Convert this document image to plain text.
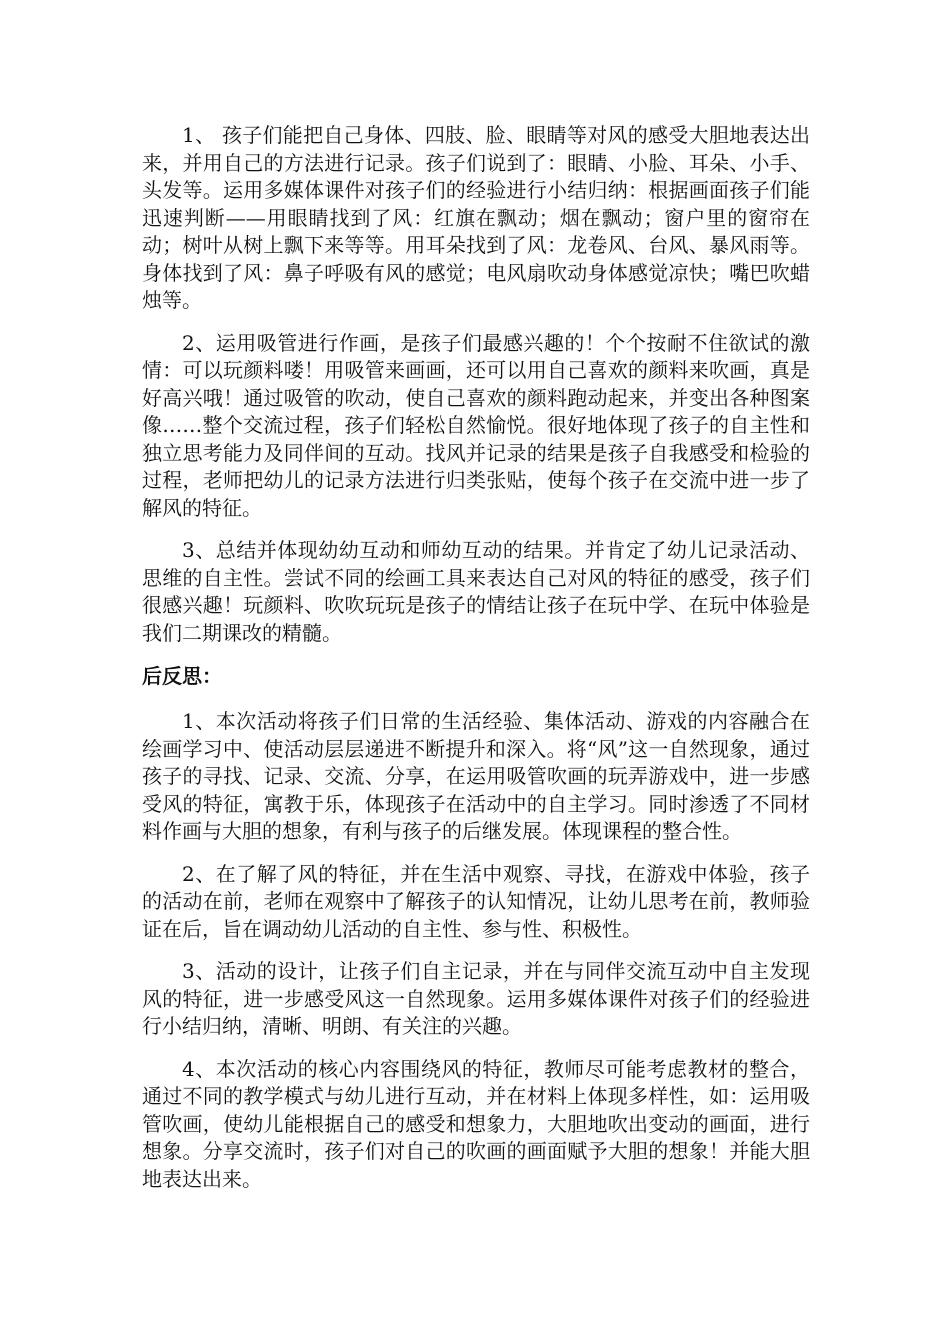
1、 孩子们能把自己身体、四肢、脸、眼睛等对风的感受大胆地表达出来，并用自己的方法进行记录。孩子们说到了：眼睛、小脸、耳朵、小手、头发等。运用多媒体课件对孩子们的经验进行小结归纳：根据画面孩子们能迅速判断——用眼睛找到了风：红旗在飘动；烟在飘动；窗户里的窗帘在动；树叶从树上飘下来等等。用耳朵找到了风：龙卷风、台风、暴风雨等。身体找到了风：鼻子呼吸有风的感觉；电风扇吹动身体感觉凉快；嘴巴吹蜡烛等。

2、运用吸管进行作画，是孩子们最感兴趣的！个个按耐不住欲试的激情：可以玩颜料喽！用吸管来画画，还可以用自己喜欢的颜料来吹画，真是好高兴哦！通过吸管的吹动，使自己喜欢的颜料跑动起来，并变出各种图案像……整个交流过程，孩子们轻松自然愉悦。很好地体现了孩子的自主性和独立思考能力及同伴间的互动。找风并记录的结果是孩子自我感受和检验的过程，老师把幼儿的记录方法进行归类张贴，使每个孩子在交流中进一步了解风的特征。

3、总结并体现幼幼互动和师幼互动的结果。并肯定了幼儿记录活动、思维的自主性。尝试不同的绘画工具来表达自己对风的特征的感受，孩子们很感兴趣！玩颜料、吹吹玩玩是孩子的情结让孩子在玩中学、在玩中体验是我们二期课改的精髓。

后反思：

1、本次活动将孩子们日常的生活经验、集体活动、游戏的内容融合在绘画学习中、使活动层层递进不断提升和深入。将“风”这一自然现象，通过孩子的寻找、记录、交流、分享，在运用吸管吹画的玩弄游戏中，进一步感受风的特征，寓教于乐，体现孩子在活动中的自主学习。同时渗透了不同材料作画与大胆的想象，有利与孩子的后继发展。体现课程的整合性。

2、在了解了风的特征，并在生活中观察、寻找，在游戏中体验，孩子的活动在前，老师在观察中了解孩子的认知情况，让幼儿思考在前，教师验证在后，旨在调动幼儿活动的自主性、参与性、积极性。

3、活动的设计，让孩子们自主记录，并在与同伴交流互动中自主发现风的特征，进一步感受风这一自然现象。运用多媒体课件对孩子们的经验进行小结归纳，清晰、明朗、有关注的兴趣。

4、本次活动的核心内容围绕风的特征，教师尽可能考虑教材的整合，通过不同的教学模式与幼儿进行互动，并在材料上体现多样性，如：运用吸管吹画，使幼儿能根据自己的感受和想象力，大胆地吹出变动的画面，进行想象。分享交流时，孩子们对自己的吹画的画面赋予大胆的想象！并能大胆地表达出来。
